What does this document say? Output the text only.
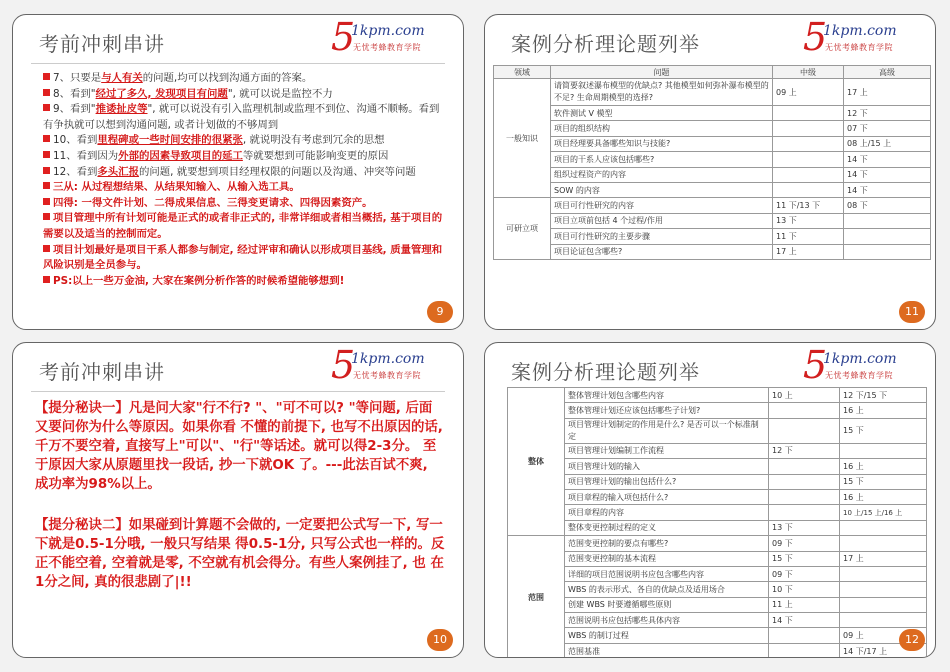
考前冲刺串讲	5
1kpm.com
无忧考蜂教育学院

7、只要是与人有关的问题,均可以找到沟通方面的答案。

8、看到"经过了多久, 发现项目有问题", 就可以说是监控不力

9、看到"推诿扯皮等", 就可以说没有引入监理机制或监理不到位、沟通不顺畅。看到有争执就可以想到沟通问题, 或者计划做的不够周到

10、看到里程碑或一些时间安排的很紧张, 就说明没有考虑到冗余的思想

11、看到因为外部的因素导致项目的延工等就要想到可能影响变更的原因

12、看到多头汇报的问题, 就要想到项目经理权限的问题以及沟通、冲突等问题

三从: 从过程想结果、从结果知输入、从输入选工具。

四得: 一得文件计划、二得成果信息、三得变更请求、四得因素资产。

项目管理中所有计划可能是正式的或者非正式的, 非常详细或者相当概括, 基于项目的需要以及适当的控制而定。

项目计划最好是项目干系人都参与制定, 经过评审和确认以形成项目基线, 质量管理和风险识别是全员参与。

PS:以上一些万金油, 大家在案例分析作答的时候希望能够想到!

9
案例分析理论题列举	5
1kpm.com
无忧考蜂教育学院
领域	问题	中级	高级
一般知识	请简要叙述瀑布模型的优缺点? 其他模型如何弥补瀑布模型的不足? 生命周期模型的选择?	09 上	17 上
	软件测试 V 模型		12 下
	项目的组织结构		07 下
	项目经理要具备哪些知识与技能?		08 上/15 上
	项目的干系人应该包括哪些?		14 下
	组织过程资产的内容		14 下
	SOW 的内容		14 下
可研立项	项目可行性研究的内容	11 下/13 下	08 下
	项目立项前包括 4 个过程/作用	13 下	
	项目可行性研究的主要步骤	11 下	
	项目论证包含哪些?	17 上	
11
考前冲刺串讲	5
1kpm.com
无忧考蜂教育学院

【提分秘诀一】凡是问大家"行不行? "、"可不可以? "等问题, 后面又要问你为什么等原因。如果你看 不懂的前提下, 也写不出原因的话, 千万不要空着, 直接写上"可以"、"行"等话述。就可以得2-3分。 至于原因大家从原题里找一段话, 抄一下就OK 了。---此法百试不爽, 成功率为98%以上。

【提分秘诀二】如果碰到计算题不会做的, 一定要把公式写一下, 写一下就是0.5-1分哦, 一般只写结果 得0.5-1分, 只写公式也一样的。反正不能空着, 空着就是零, 不空就有机会得分。有些人案例挂了, 也 在1分之间, 真的很悲剧了|!!

10
案例分析理论题列举	5
1kpm.com
无忧考蜂教育学院
整体	整体管理计划包含哪些内容	10 上	12 下/15 下
	整体管理计划还应该包括哪些子计划?		16 上
	项目管理计划制定的作用是什么? 是否可以一个标准制定		15 下
	项目管理计划编制工作流程	12 下	
	项目管理计划的输入		16 上
	项目管理计划的输出包括什么?		15 下
	项目章程的输入项包括什么?		16 上
	项目章程的内容		10 上/15 上/16 上
	整体变更控制过程的定义	13 下	
范围	范围变更控制的要点有哪些?	09 下	
	范围变更控制的基本流程	15 下	17 上
	详细的项目范围说明书应包含哪些内容	09 下	
	WBS 的表示形式、各自的优缺点及适用场合	10 下	
	创建 WBS 时要遵循哪些原则	11 上	
	范围说明书应包括哪些具体内容	14 下	
	WBS 的制订过程		09 上
	范围基准		14 下/17 上
12
